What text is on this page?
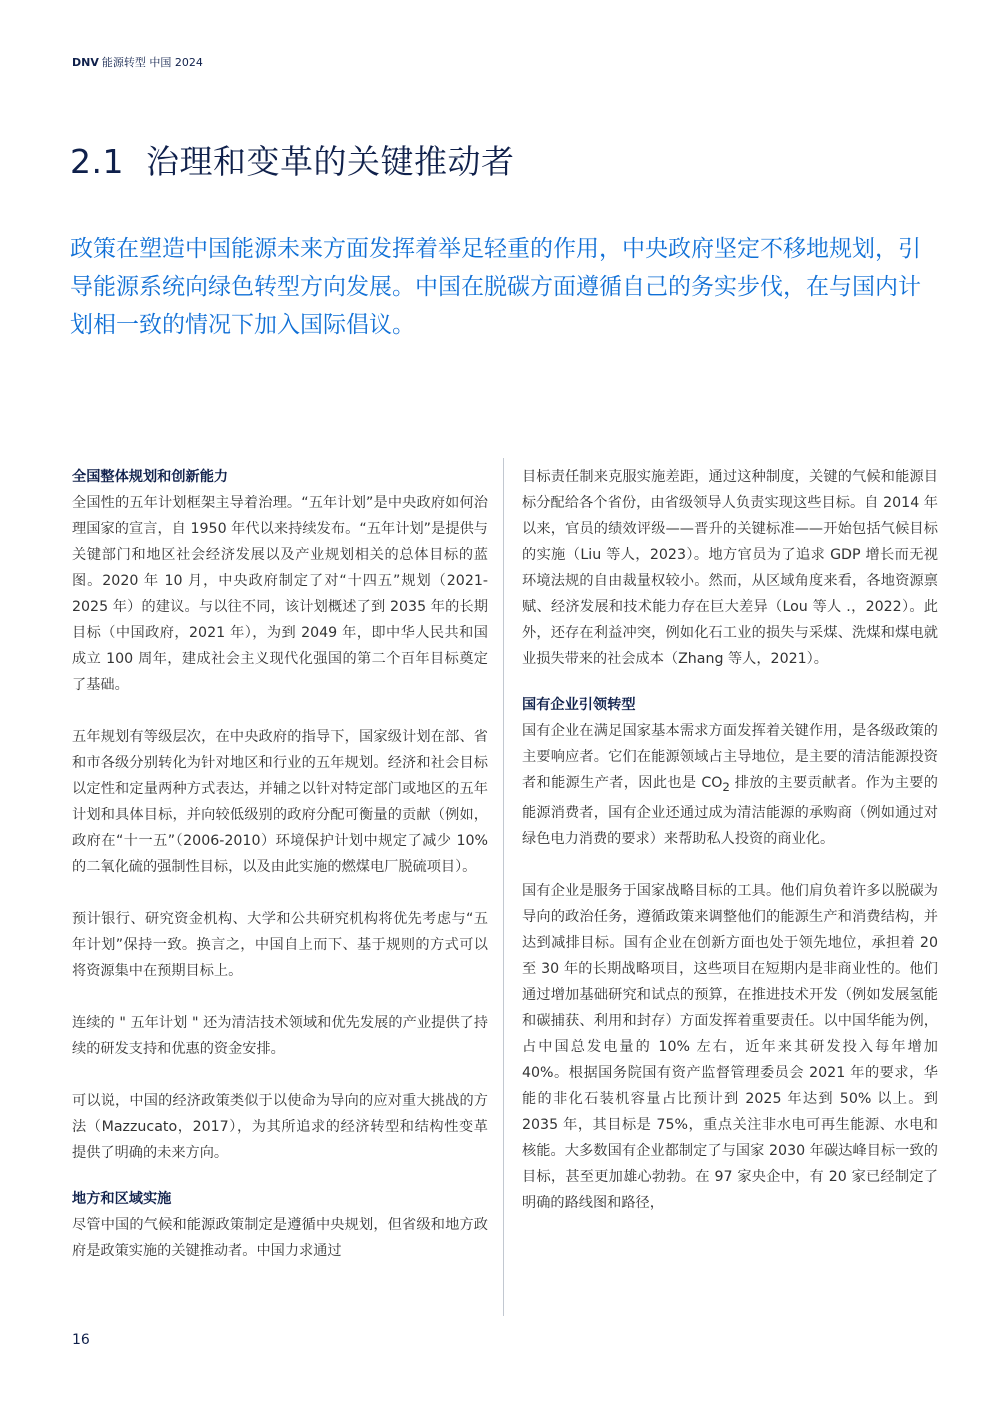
DNV 能源转型 中国 2024
2.1 治理和变革的关键推动者

政策在塑造中国能源未来方面发挥着举足轻重的作用，中央政府坚定不移地规划，引导能源系统向绿色转型方向发展。中国在脱碳方面遵循自己的务实步伐，在与国内计划相一致的情况下加入国际倡议。

全国整体规划和创新能力

全国性的五年计划框架主导着治理。“五年计划”是中央政府如何治理国家的宣言，自 1950 年代以来持续发布。“五年计划”是提供与关键部门和地区社会经济发展以及产业规划相关的总体目标的蓝图。2020 年 10 月，中央政府制定了对“十四五”规划（2021-2025 年）的建议。与以往不同，该计划概述了到 2035 年的长期目标（中国政府，2021 年），为到 2049 年，即中华人民共和国成立 100 周年，建成社会主义现代化强国的第二个百年目标奠定了基础。

五年规划有等级层次，在中央政府的指导下，国家级计划在部、省和市各级分别转化为针对地区和行业的五年规划。经济和社会目标以定性和定量两种方式表达，并辅之以针对特定部门或地区的五年计划和具体目标，并向较低级别的政府分配可衡量的贡献（例如，政府在“十一五”（2006-2010）环境保护计划中规定了减少 10% 的二氧化硫的强制性目标，以及由此实施的燃煤电厂脱硫项目）。

预计银行、研究资金机构、大学和公共研究机构将优先考虑与“五年计划”保持一致。换言之，中国自上而下、基于规则的方式可以将资源集中在预期目标上。

连续的 " 五年计划 " 还为清洁技术领域和优先发展的产业提供了持续的研发支持和优惠的资金安排。

可以说，中国的经济政策类似于以使命为导向的应对重大挑战的方法（Mazzucato，2017），为其所追求的经济转型和结构性变革提供了明确的未来方向。

地方和区域实施

尽管中国的气候和能源政策制定是遵循中央规划，但省级和地方政府是政策实施的关键推动者。中国力求通过

目标责任制来克服实施差距，通过这种制度，关键的气候和能源目标分配给各个省份，由省级领导人负责实现这些目标。自 2014 年以来，官员的绩效评级——晋升的关键标准——开始包括气候目标的实施（Liu 等人，2023）。地方官员为了追求 GDP 增长而无视环境法规的自由裁量权较小。然而，从区域角度来看，各地资源禀赋、经济发展和技术能力存在巨大差异（Lou 等人 .，2022）。此外，还存在利益冲突，例如化石工业的损失与采煤、洗煤和煤电就业损失带来的社会成本（Zhang 等人，2021）。

国有企业引领转型

国有企业在满足国家基本需求方面发挥着关键作用，是各级政策的主要响应者。它们在能源领域占主导地位，是主要的清洁能源投资者和能源生产者，因此也是 $CO_2$ 排放的主要贡献者。作为主要的能源消费者，国有企业还通过成为清洁能源的承购商（例如通过对绿色电力消费的要求）来帮助私人投资的商业化。

国有企业是服务于国家战略目标的工具。他们肩负着许多以脱碳为导向的政治任务，遵循政策来调整他们的能源生产和消费结构，并达到减排目标。国有企业在创新方面也处于领先地位，承担着 20 至 30 年的长期战略项目，这些项目在短期内是非商业性的。他们通过增加基础研究和试点的预算，在推进技术开发（例如发展氢能和碳捕获、利用和封存）方面发挥着重要责任。以中国华能为例，占中国总发电量的 10% 左右，近年来其研发投入每年增加 40%。根据国务院国有资产监督管理委员会 2021 年的要求，华能的非化石装机容量占比预计到 2025 年达到 50% 以上。到 2035 年，其目标是 75%，重点关注非水电可再生能源、水电和核能。大多数国有企业都制定了与国家 2030 年碳达峰目标一致的目标，甚至更加雄心勃勃。在 97 家央企中，有 20 家已经制定了明确的路线图和路径，

16
